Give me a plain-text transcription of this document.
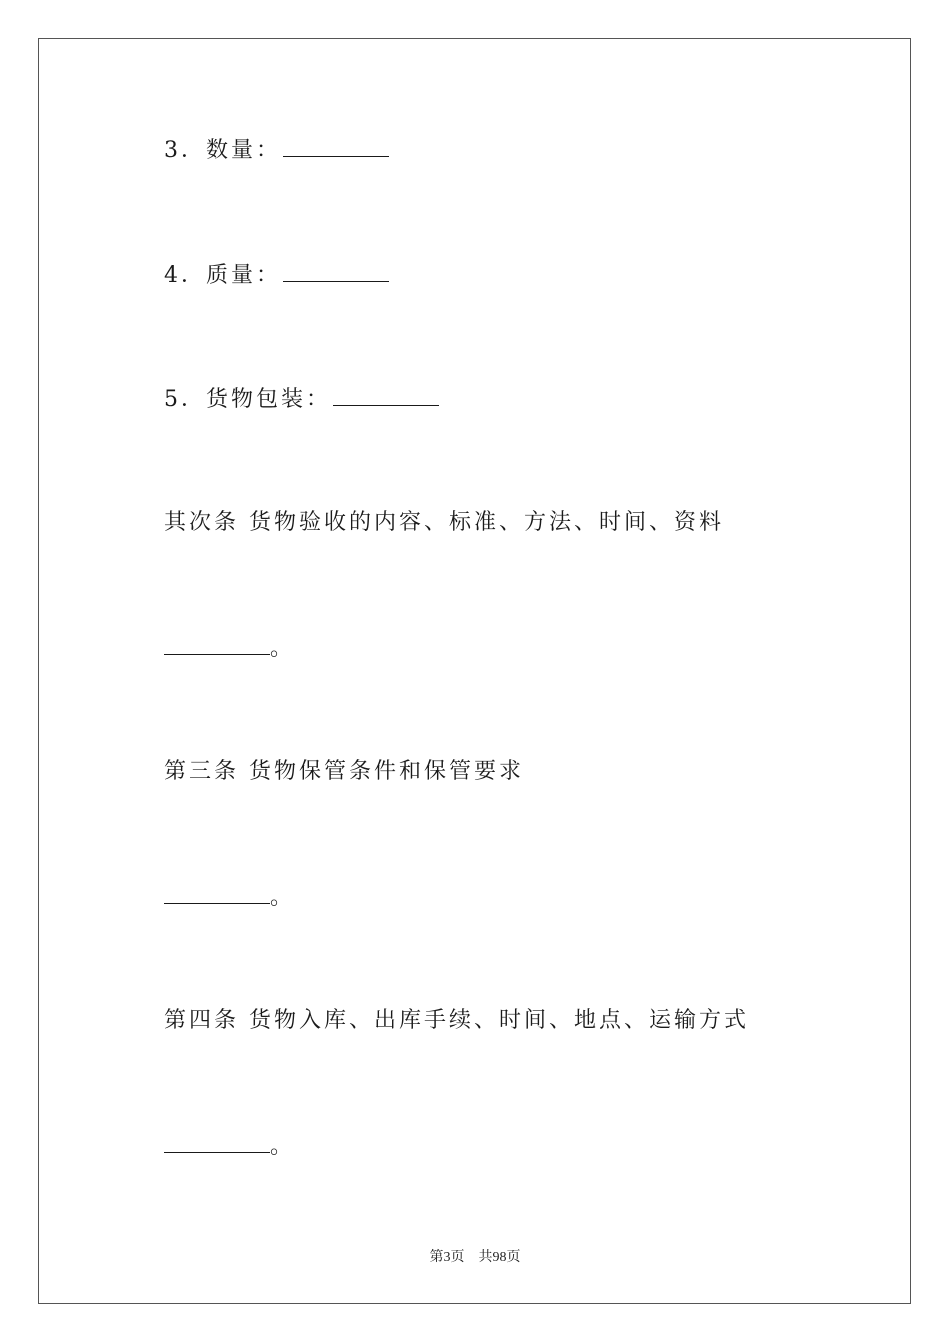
3．数量：
4．质量：
5．货物包装：
其次条 货物验收的内容、标准、方法、时间、资料
。
第三条 货物保管条件和保管要求
。
第四条 货物入库、出库手续、时间、地点、运输方式
。
第3页 共98页
